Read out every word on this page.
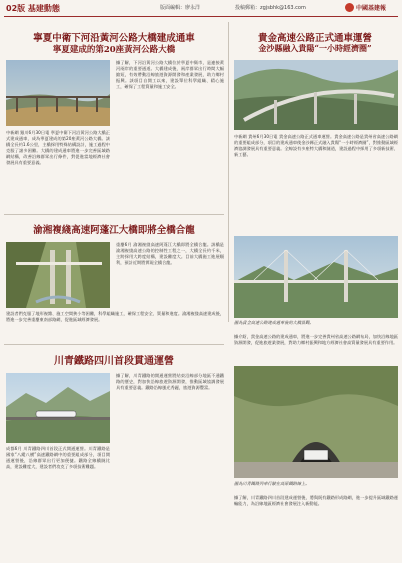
02版 基建動態	版面編輯：廖永洋	投稿郵箱：zgjsbhk@163.com	中國基建報
寧夏中衛下河沿黃河公路大橋建成通車
寧夏建成的第20座黃河公路大橋
中新網 銀川6月30日電 寧夏中衛下河沿黃河公路大橋正式建成通車，成為寧夏建成的第20座黃河公路大橋。該橋全長約1.6公里，主橋採用特殊結構設計，施工過程中克服了諸多困難。大橋的建成通車將進一步完善區域路網結構，改善沿線群眾出行條件，對促進當地經濟社會發展具有重要意義。
據了解，下河沿黃河公路大橋位於寧夏中衛市，是連接黃河兩岸的重要通道。大橋建成後，兩岸群眾出行時間大幅縮短，有效帶動沿線旅遊資源開發和產業發展，助力鄉村振興。該項目自開工以來，建設單位科學組織、精心施工，確保了工程質量和施工安全。
渝湘複綫高速阿蓬江大橋即將全橋合龍
重慶6月 渝湘複綫高速阿蓬江大橋即將全橋合龍。該橋是渝湘複綫高速公路的控制性工程之一，大橋全長約千米，主跨採用大跨度結構，建設難度大。目前大橋施工進展順利，預計近期將實現全橋合龍。
建設者們克服了地形複雜、施工空間狹小等困難，科學組織施工，確保工程安全、質量和進度。渝湘複綫高速建成後，將進一步完善重慶東南部路網，促進區域經濟發展。
川青鐵路四川首段貫通運營
成都6月 川青鐵路四川首段正式開通運營。川青鐵路是國家“八縱八橫”高速鐵路網中的重要組成部分，項目開通運營後，沿線群眾出行更加便捷。鐵路全線橋隧比高，建設難度大，建設者們攻克了多項技術難題。
據了解，川青鐵路的開通運營將結束沿線部分地區不通鐵路的歷史，對加快沿線旅遊資源開發，推動區域協調發展具有重要意義。鐵路沿線風光秀麗，旅遊資源豐富。
貴金高速公路正式通車運營
金沙縣融入貴陽“一小時經濟圈”
中新網 貴州6月30日電 貴金高速公路正式通車運營。貴金高速公路是貴州省高速公路網的重要組成部分，項目的建成通車使金沙縣正式融入貴陽“一小時經濟圈”，對推動區域經濟協調發展具有重要意義。全線設有多座特大橋和隧道，建設過程中採用了多項新技術、新工藝。
圖為貴金高速公路建成通車後的大橋景觀。
據介紹，貴金高速公路的建成通車，將進一步完善貴州省高速公路網布局，加快沿線地區資源開發，促進旅遊業發展，對助力鄉村振興和地方經濟社會高質量發展具有重要作用。
圖為川青鐵路列車行駛在高原鐵路線上。
據了解，川青鐵路四川首段建成運營後，將與既有鐵路形成路網，進一步提升區域鐵路運輸能力，為沿線地區經濟社會發展注入新動能。
